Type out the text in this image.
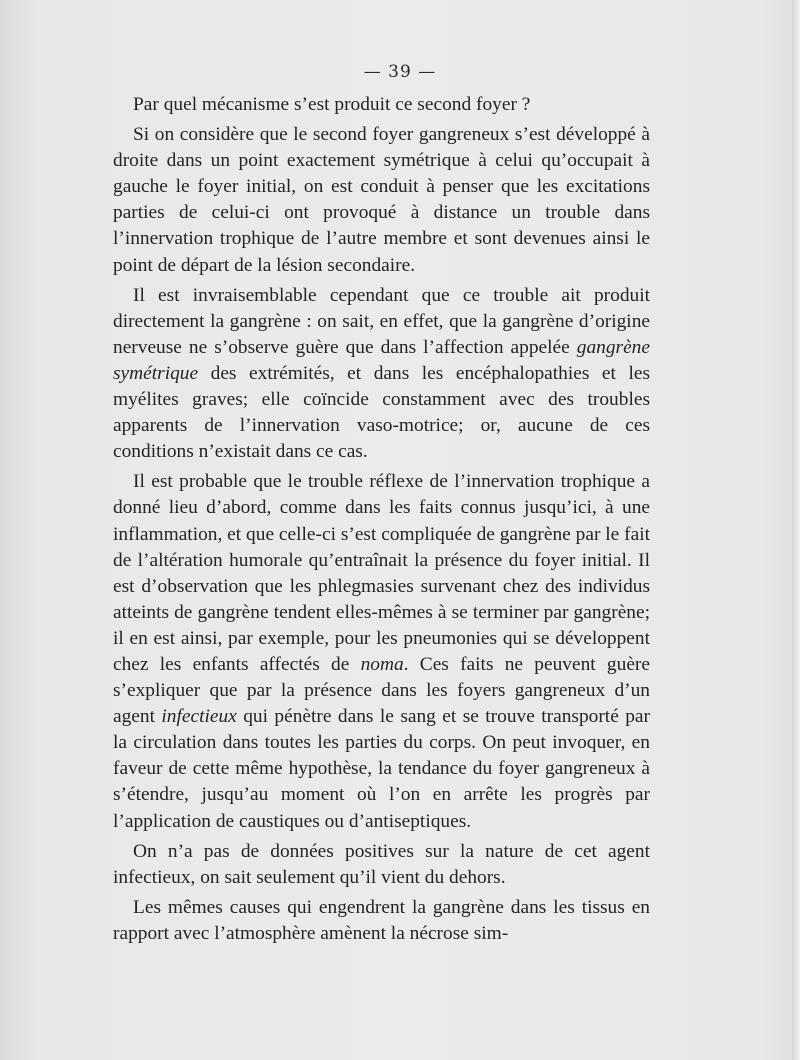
— 39 —

Par quel mécanisme s’est produit ce second foyer ?

Si on considère que le second foyer gangreneux s’est développé à droite dans un point exactement symétrique à celui qu’occupait à gauche le foyer initial, on est conduit à penser que les excitations parties de celui-ci ont provoqué à distance un trouble dans l’innervation trophique de l’autre membre et sont devenues ainsi le point de départ de la lésion secondaire.

Il est invraisemblable cependant que ce trouble ait produit directement la gangrène : on sait, en effet, que la gangrène d’origine nerveuse ne s’observe guère que dans l’affection appelée gangrène symétrique des extrémités, et dans les encéphalopathies et les myélites graves; elle coïncide constamment avec des troubles apparents de l’innervation vaso-motrice; or, aucune de ces conditions n’existait dans ce cas.

Il est probable que le trouble réflexe de l’innervation trophique a donné lieu d’abord, comme dans les faits connus jusqu’ici, à une inflammation, et que celle-ci s’est compliquée de gangrène par le fait de l’altération humorale qu’entraînait la présence du foyer initial. Il est d’observation que les phlegmasies survenant chez des individus atteints de gangrène tendent elles-mêmes à se terminer par gangrène; il en est ainsi, par exemple, pour les pneumonies qui se développent chez les enfants affectés de noma. Ces faits ne peuvent guère s’expliquer que par la présence dans les foyers gangreneux d’un agent infectieux qui pénètre dans le sang et se trouve transporté par la circulation dans toutes les parties du corps. On peut invoquer, en faveur de cette même hypothèse, la tendance du foyer gangreneux à s’étendre, jusqu’au moment où l’on en arrête les progrès par l’application de caustiques ou d’antiseptiques.

On n’a pas de données positives sur la nature de cet agent infectieux, on sait seulement qu’il vient du dehors.

Les mêmes causes qui engendrent la gangrène dans les tissus en rapport avec l’atmosphère amènent la nécrose sim-
